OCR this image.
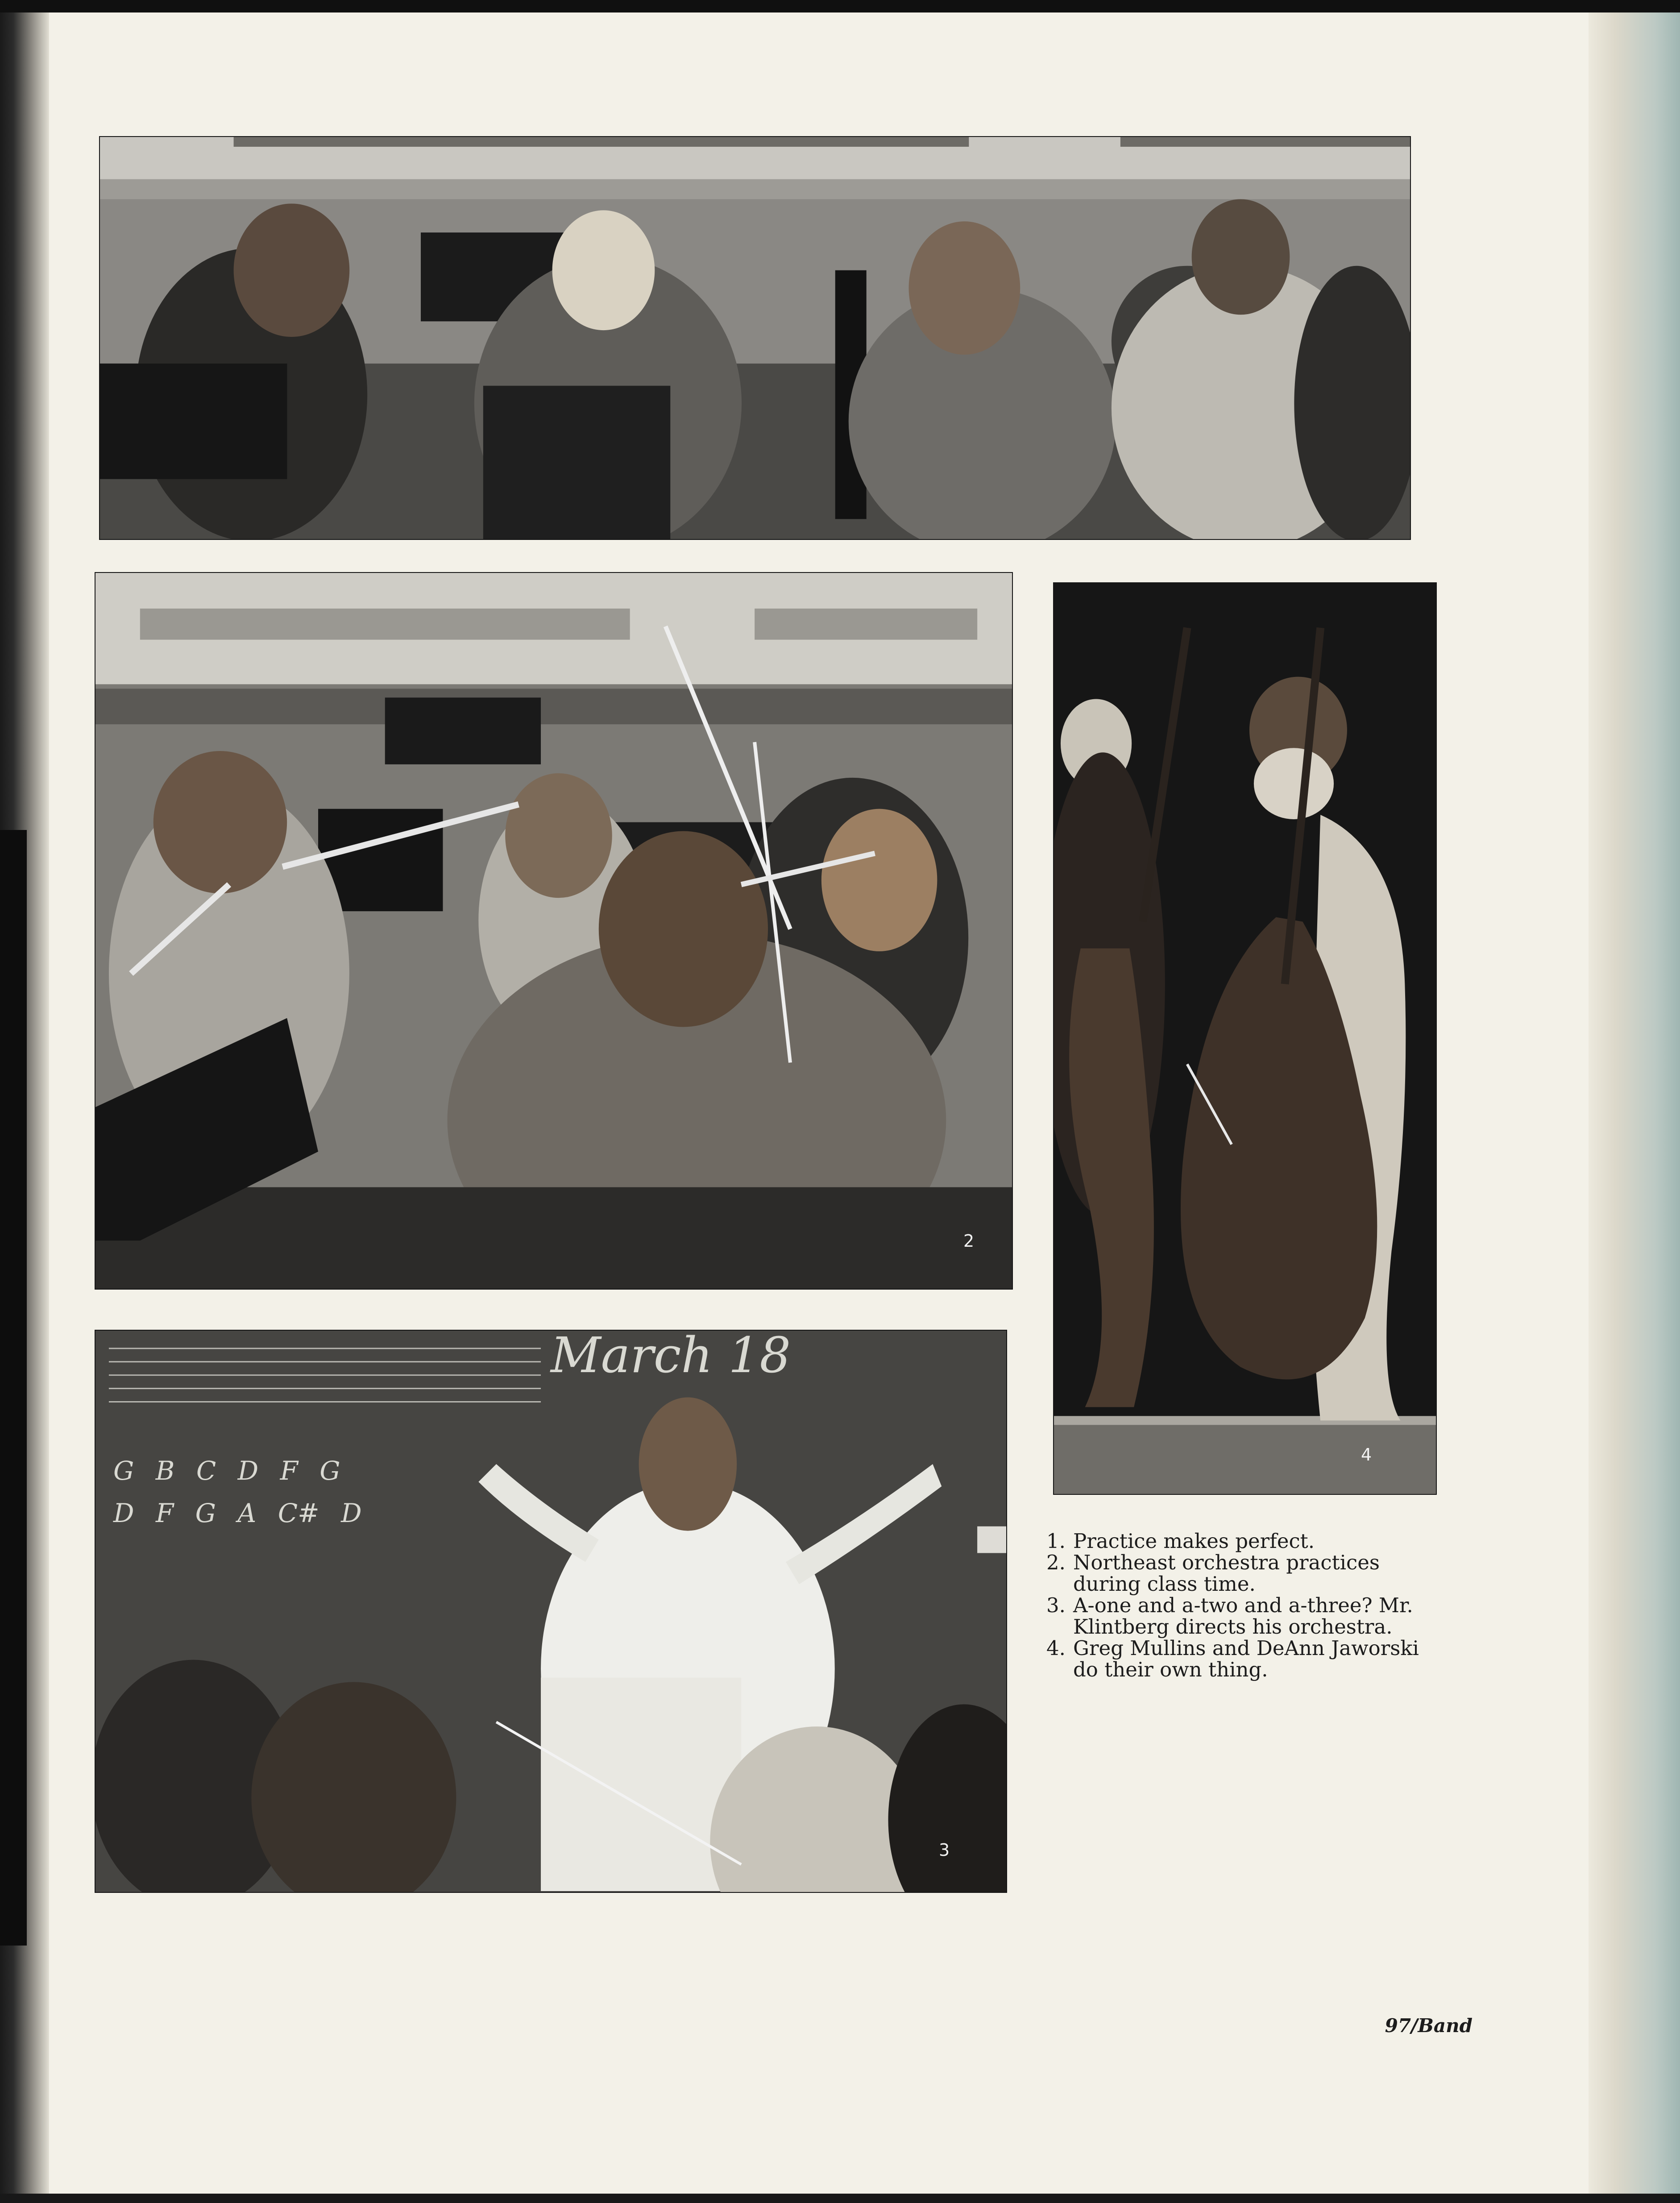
2
4
March 18
G B C D F G
D F G A C# D
3
1. Practice makes perfect.
2. Northeast orchestra practices during class time.
3. A-one and a-two and a-three? Mr. Klintberg directs his orchestra.
4. Greg Mullins and DeAnn Jaworski do their own thing.
97/Band
